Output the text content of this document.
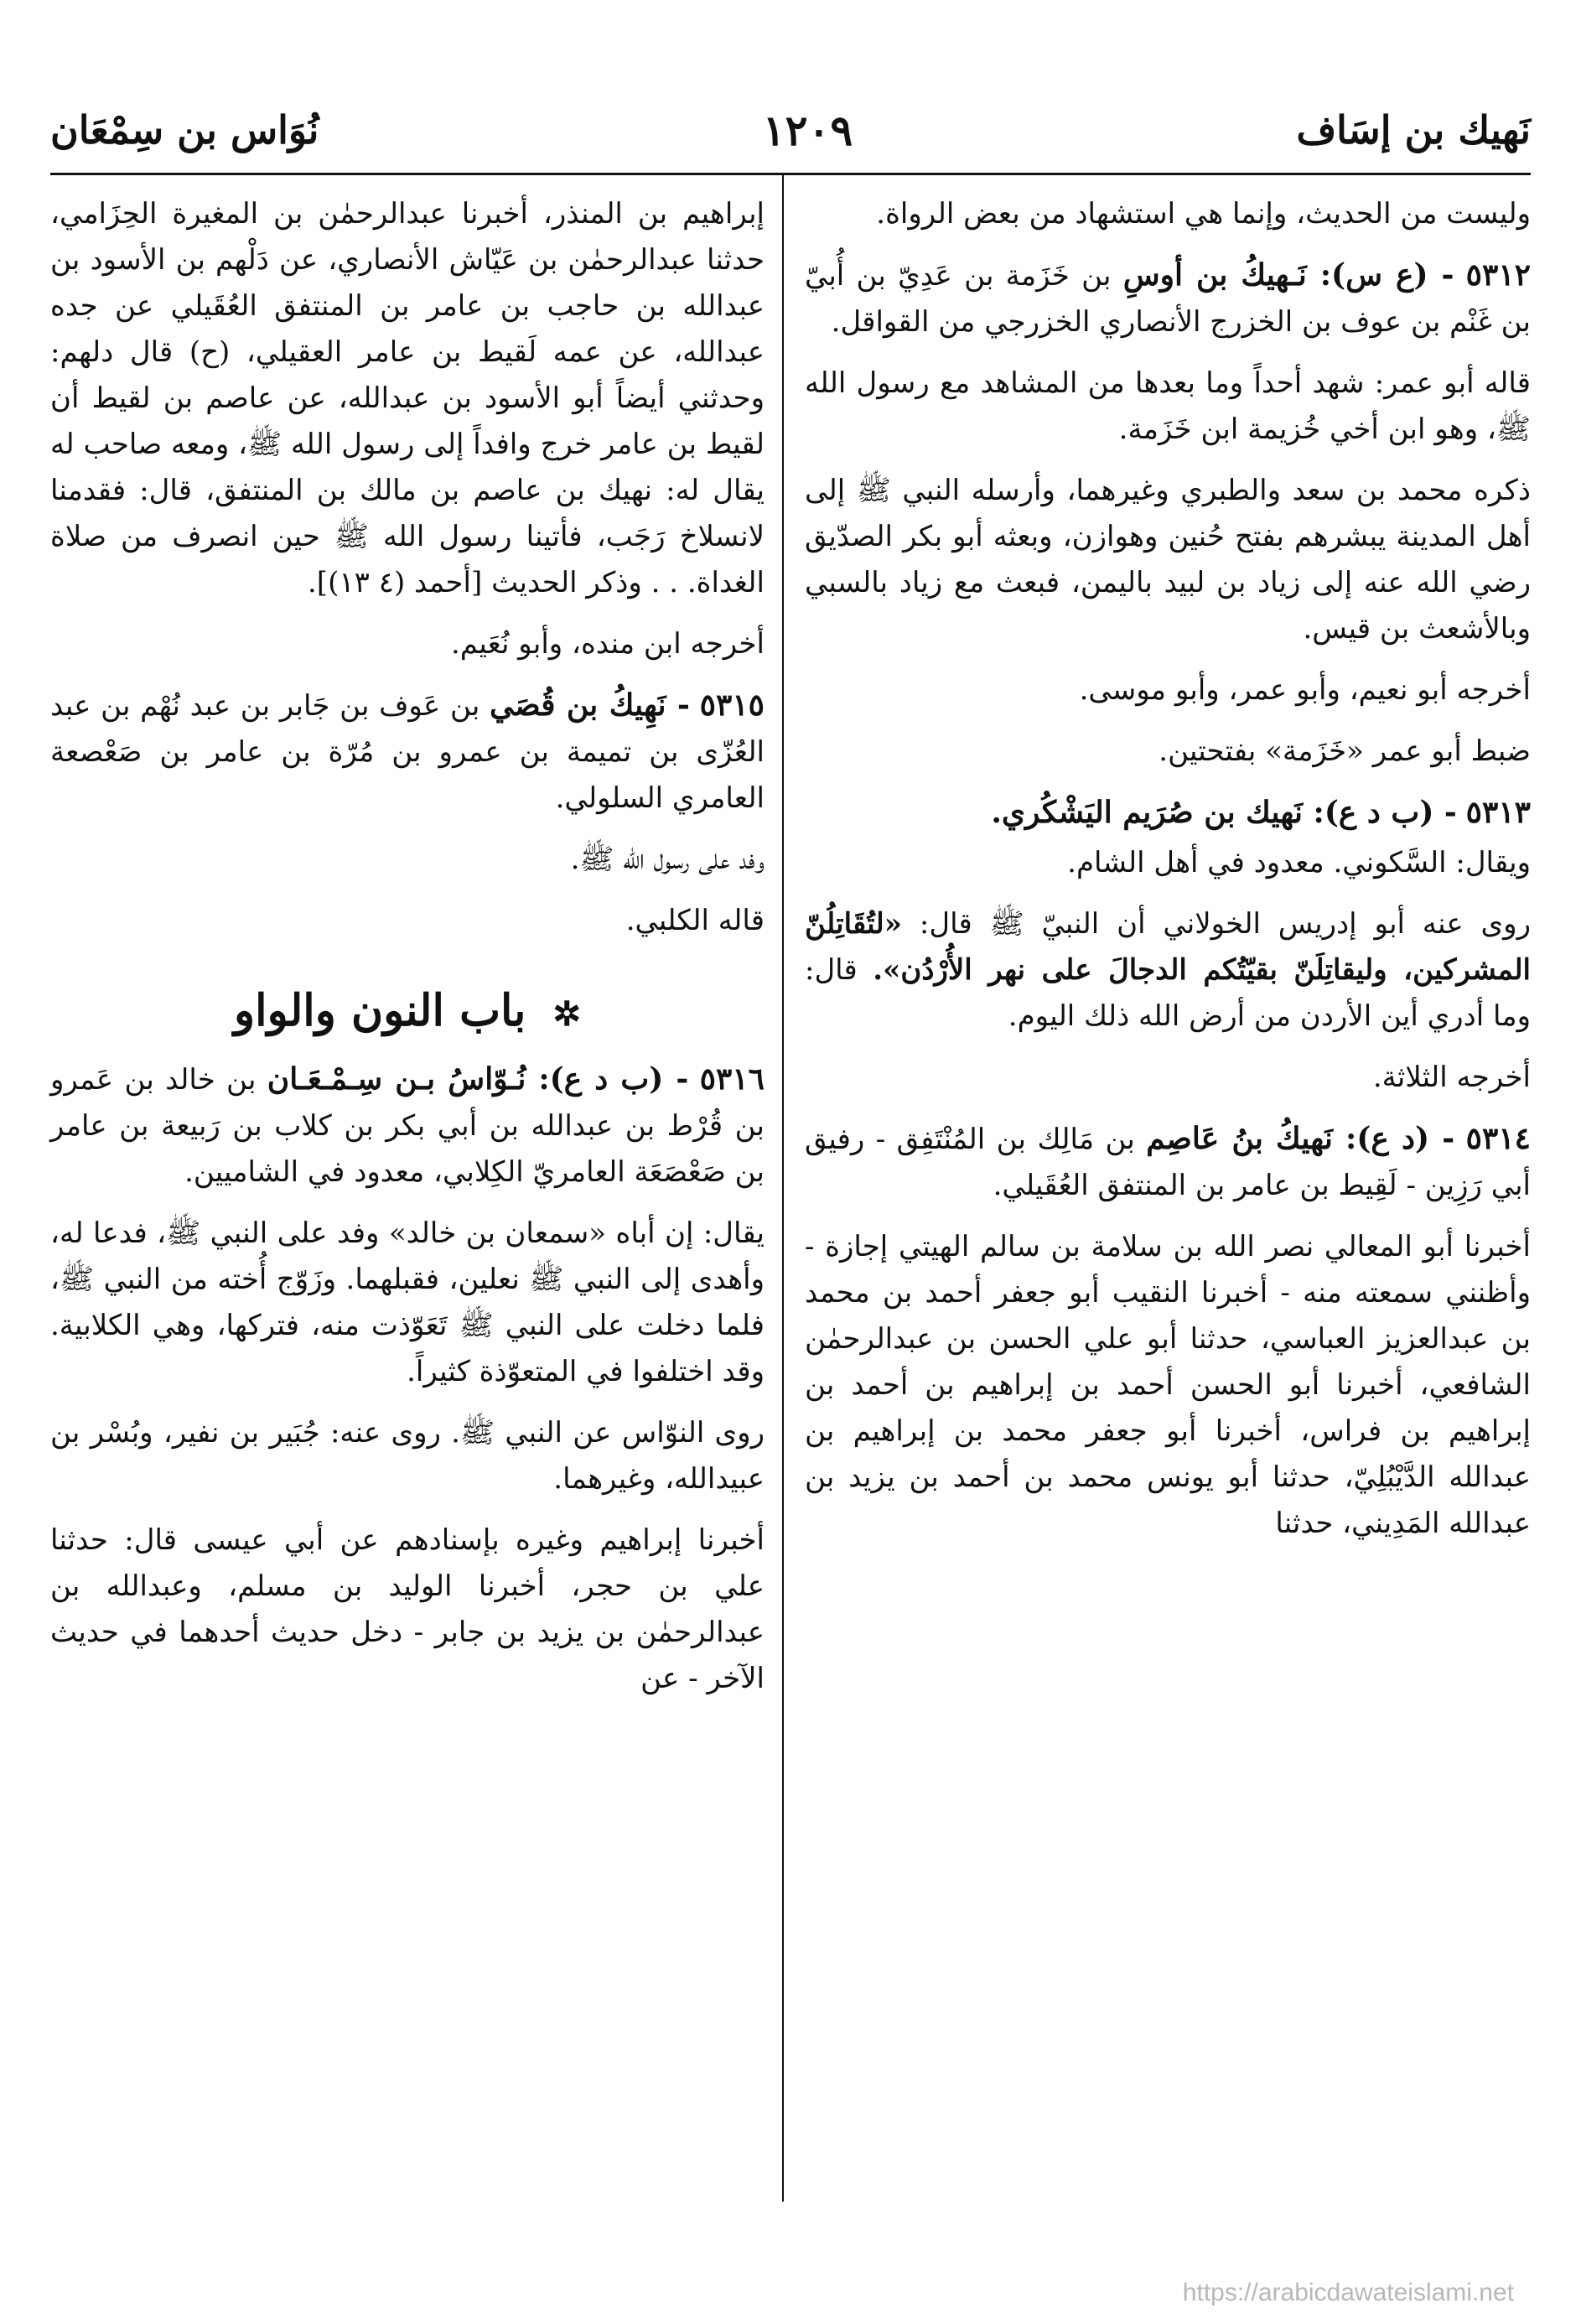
نَهيك بن إسَاف
١٢٠٩
نُوَاس بن سِمْعَان

وليست من الحديث، وإنما هي استشهاد من بعض الرواة.

٥٣١٢ - (ع س): نَـهيكُ بن أوسِ بن خَزَمة بن عَدِيّ بن أُبيّ بن غَنْم بن عوف بن الخزرج الأنصاري الخزرجي من القواقل.

قاله أبو عمر: شهد أحداً وما بعدها من المشاهد مع رسول الله ﷺ، وهو ابن أخي خُزيمة ابن خَزَمة.

ذكره محمد بن سعد والطبري وغيرهما، وأرسله النبي ﷺ إلى أهل المدينة يبشرهم بفتح حُنين وهوازن، وبعثه أبو بكر الصدّيق رضي الله عنه إلى زياد بن لبيد باليمن، فبعث مع زياد بالسبي وبالأشعث بن قيس.

أخرجه أبو نعيم، وأبو عمر، وأبو موسى.

ضبط أبو عمر «خَزَمة» بفتحتين.

٥٣١٣ - (ب د ع): نَهيك بن صُرَيم اليَشْكُري.

ويقال: السَّكوني. معدود في أهل الشام.

روى عنه أبو إدريس الخولاني أن النبيّ ﷺ قال: «لتُقَاتِلُنّ المشركين، وليقاتِلَنّ بقيّتُكم الدجالَ على نهر الأُرْدُن». قال: وما أدري أين الأردن من أرض الله ذلك اليوم.

أخرجه الثلاثة.

٥٣١٤ - (د ع): نَهيكُ بنُ عَاصِم بن مَالِك بن المُنْتَفِق - رفيق أبي رَزِين - لَقِيط بن عامر بن المنتفق العُقَيلي.

أخبرنا أبو المعالي نصر الله بن سلامة بن سالم الهيتي إجازة - وأظنني سمعته منه - أخبرنا النقيب أبو جعفر أحمد بن محمد بن عبدالعزيز العباسي، حدثنا أبو علي الحسن بن عبدالرحمٰن الشافعي، أخبرنا أبو الحسن أحمد بن إبراهيم بن أحمد بن إبراهيم بن فراس، أخبرنا أبو جعفر محمد بن إبراهيم بن عبدالله الدَّيْبُلِيّ، حدثنا أبو يونس محمد بن أحمد بن يزيد بن عبدالله المَدِيني، حدثنا

إبراهيم بن المنذر، أخبرنا عبدالرحمٰن بن المغيرة الحِزَامي، حدثنا عبدالرحمٰن بن عَيّاش الأنصاري، عن دَلْهم بن الأسود بن عبدالله بن حاجب بن عامر بن المنتفق العُقَيلي عن جده عبدالله، عن عمه لَقيط بن عامر العقيلي، (ح) قال دلهم: وحدثني أيضاً أبو الأسود بن عبدالله، عن عاصم بن لقيط أن لقيط بن عامر خرج وافداً إلى رسول الله ﷺ، ومعه صاحب له يقال له: نهيك بن عاصم بن مالك بن المنتفق، قال: فقدمنا لانسلاخ رَجَب، فأتينا رسول الله ﷺ حين انصرف من صلاة الغداة. . . وذكر الحديث [أحمد (٤ ١٣)].

أخرجه ابن منده، وأبو نُعَيم.

٥٣١٥ - نَهِيكُ بن قُصَي بن عَوف بن جَابر بن عبد نُهْم بن عبد العُزّى بن تميمة بن عمرو بن مُرّة بن عامر بن صَعْصعة العامري السلولي.

وفد على رسول الله ﷺ.

قاله الكلبي.

✲ باب النون والواو

٥٣١٦ - (ب د ع): نُـوّاسُ بـن سِـمْـعَـان بن خالد بن عَمرو بن قُرْط بن عبدالله بن أبي بكر بن كلاب بن رَبيعة بن عامر بن صَعْصَعَة العامريّ الكِلابي، معدود في الشاميين.

يقال: إن أباه «سمعان بن خالد» وفد على النبي ﷺ، فدعا له، وأهدى إلى النبي ﷺ نعلين، فقبلهما. وزَوّج أُخته من النبي ﷺ، فلما دخلت على النبي ﷺ تَعَوّذت منه، فتركها، وهي الكلابية. وقد اختلفوا في المتعوّذة كثيراً.

روى النوّاس عن النبي ﷺ. روى عنه: جُبَير بن نفير، وبُسْر بن عبيدالله، وغيرهما.

أخبرنا إبراهيم وغيره بإسنادهم عن أبي عيسى قال: حدثنا علي بن حجر، أخبرنا الوليد بن مسلم، وعبدالله بن عبدالرحمٰن بن يزيد بن جابر - دخل حديث أحدهما في حديث الآخر - عن

https://arabicdawateislami.net
